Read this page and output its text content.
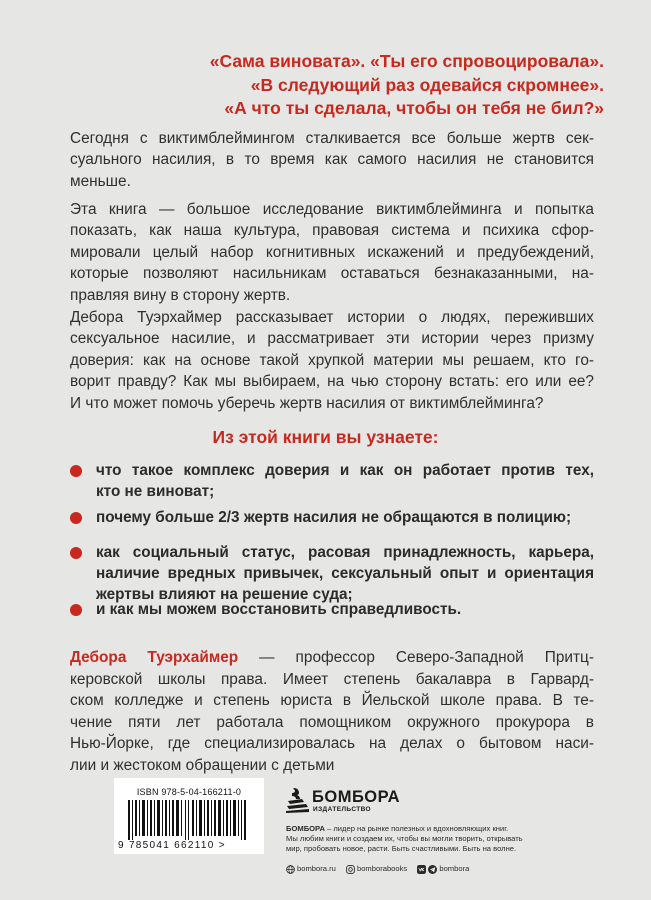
«Сама виновата». «Ты его спровоцировала».
«В следующий раз одевайся скромнее».
«А что ты сделала, чтобы он тебя не бил?»
Сегодня с виктимблеймингом сталкивается все больше жертв сек-
суального насилия, в то время как самого насилия не становится
меньше.
Эта книга — большое исследование виктимблейминга и попытка
показать, как наша культура, правовая система и психика сфор-
мировали целый набор когнитивных искажений и предубеждений,
которые позволяют насильникам оставаться безнаказанными, на-
правляя вину в сторону жертв.
Дебора Туэрхаймер рассказывает истории о людях, переживших
сексуальное насилие, и рассматривает эти истории через призму
доверия: как на основе такой хрупкой материи мы решаем, кто го-
ворит правду? Как мы выбираем, на чью сторону встать: его или ее?
И что может помочь уберечь жертв насилия от виктимблейминга?
Из этой книги вы узнаете:
что такое комплекс доверия и как он работает против тех,
кто не виноват;
почему больше 2/3 жертв насилия не обращаются в полицию;
как социальный статус, расовая принадлежность, карьера,
наличие вредных привычек, сексуальный опыт и ориентация
жертвы влияют на решение суда;
и как мы можем восстановить справедливость.
Дебора Туэрхаймер — профессор Северо-Западной Притц-
керовской школы права. Имеет степень бакалавра в Гарвард-
ском колледже и степень юриста в Йельской школе права. В те-
чение пяти лет работала помощником окружного прокурора в
Нью-Йорке, где специализировалась на делах о бытовом наси-
лии и жестоком обращении с детьми
ISBN 978-5-04-166211-0
9 785041 662110 >
БОМБОРА
ИЗДАТЕЛЬСТВО
БОМБОРА – лидер на рынке полезных и вдохновляющих книг.
Мы любим книги и создаем их, чтобы вы могли творить, открывать
мир, пробовать новое, расти. Быть счастливыми. Быть на волне.
bombora.ru	bomborabooks	bombora
